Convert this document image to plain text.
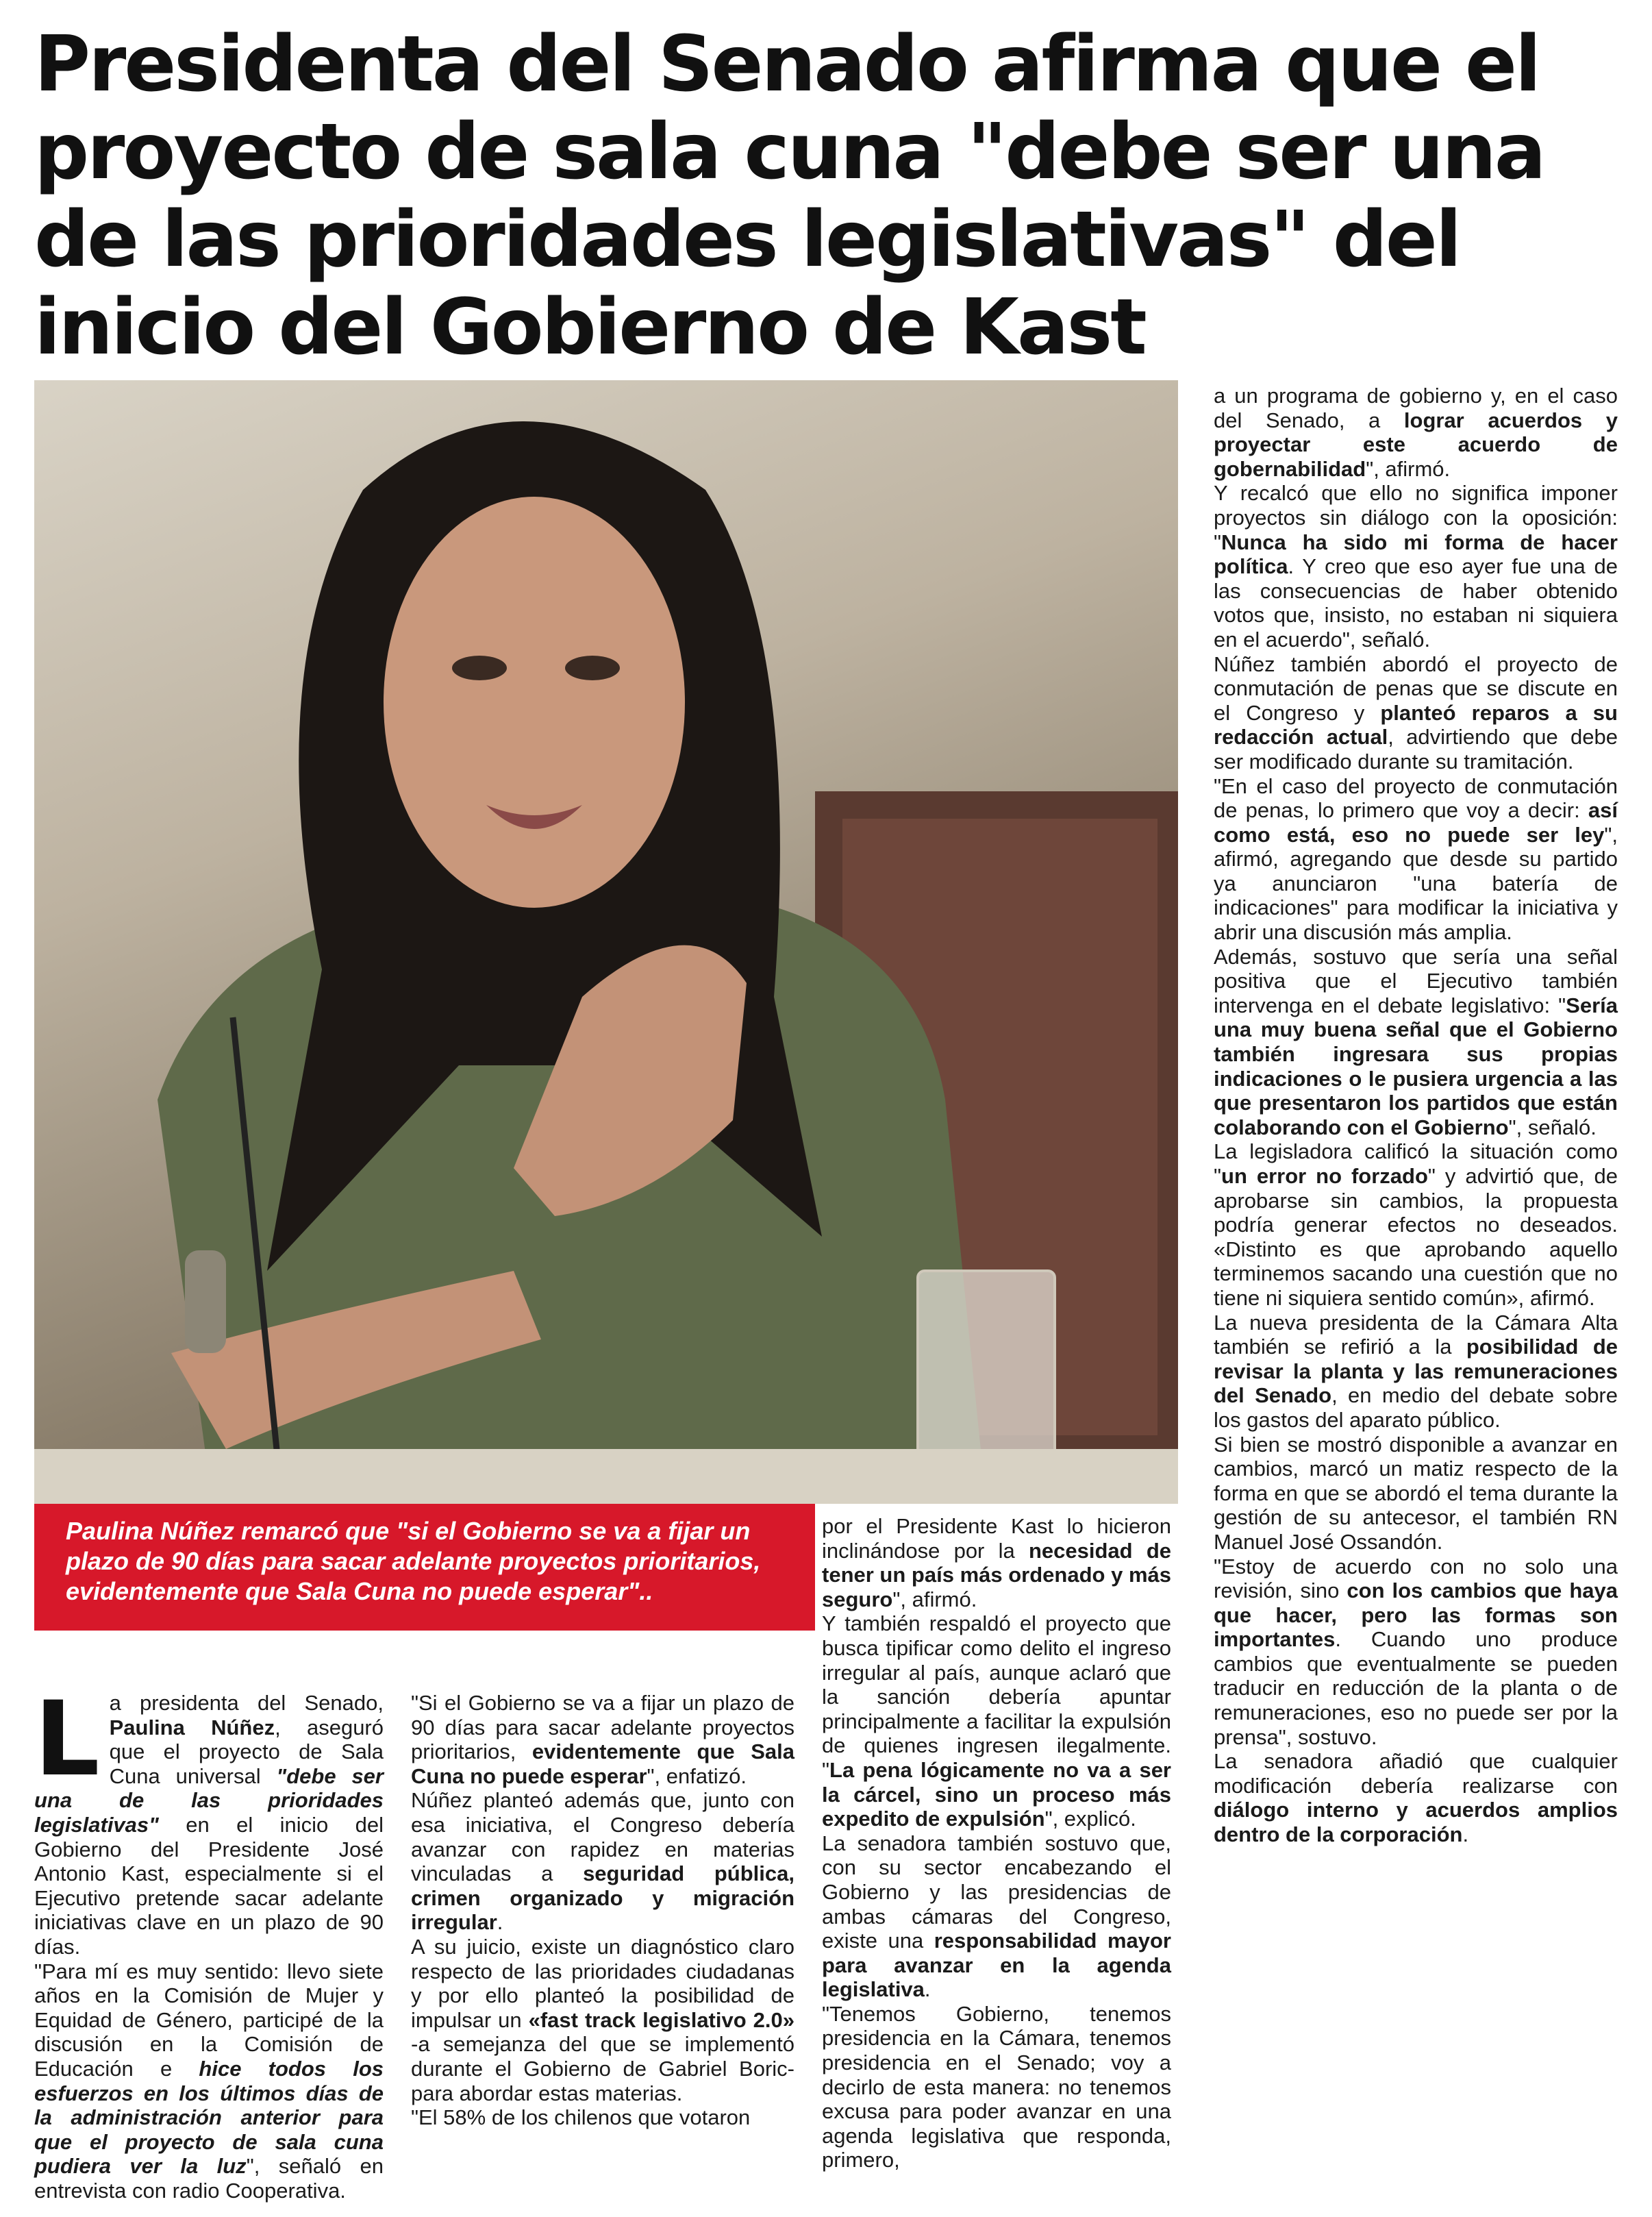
Presidenta del Senado afirma que el proyecto de sala cuna "debe ser una de las prioridades legislativas" del inicio del Gobierno de Kast
Paulina Núñez remarcó que "si el Gobierno se va a fijar un plazo de 90 días para sacar adelante proyectos prioritarios, evidentemente que Sala Cuna no puede esperar"..
L a presidenta del Senado, Paulina Núñez, aseguró que el proyecto de Sala Cuna universal "debe ser una de las prioridades legislativas" en el inicio del Gobierno del Presidente José Antonio Kast, especialmente si el Ejecutivo pretende sacar adelante iniciativas clave en un plazo de 90 días.

"Para mí es muy sentido: llevo siete años en la Comisión de Mujer y Equidad de Género, participé de la discusión en la Comisión de Educación e hice todos los esfuerzos en los últimos días de la administración anterior para que el proyecto de sala cuna pudiera ver la luz", señaló en entrevista con radio Cooperativa.

"Si el Gobierno se va a fijar un plazo de 90 días para sacar adelante proyectos prioritarios, evidentemente que Sala Cuna no puede esperar", enfatizó.

Núñez planteó además que, junto con esa iniciativa, el Congreso debería avanzar con rapidez en materias vinculadas a seguridad pública, crimen organizado y migración irregular.

A su juicio, existe un diagnóstico claro respecto de las prioridades ciudadanas y por ello planteó la posibilidad de impulsar un «fast track legislativo 2.0» -a semejanza del que se implementó durante el Gobierno de Gabriel Boric- para abordar estas materias.

"El 58% de los chilenos que votaron

por el Presidente Kast lo hicieron inclinándose por la necesidad de tener un país más ordenado y más seguro", afirmó.

Y también respaldó el proyecto que busca tipificar como delito el ingreso irregular al país, aunque aclaró que la sanción debería apuntar principalmente a facilitar la expulsión de quienes ingresen ilegalmente. "La pena lógicamente no va a ser la cárcel, sino un proceso más expedito de expulsión", explicó.

La senadora también sostuvo que, con su sector encabezando el Gobierno y las presidencias de ambas cámaras del Congreso, existe una responsabilidad mayor para avanzar en la agenda legislativa.

"Tenemos Gobierno, tenemos presidencia en la Cámara, tenemos presidencia en el Senado; voy a decirlo de esta manera: no tenemos excusa para poder avanzar en una agenda legislativa que responda, primero,

a un programa de gobierno y, en el caso del Senado, a lograr acuerdos y proyectar este acuerdo de gobernabilidad", afirmó.

Y recalcó que ello no significa imponer proyectos sin diálogo con la oposición: "Nunca ha sido mi forma de hacer política. Y creo que eso ayer fue una de las consecuencias de haber obtenido votos que, insisto, no estaban ni siquiera en el acuerdo", señaló.

Núñez también abordó el proyecto de conmutación de penas que se discute en el Congreso y planteó reparos a su redacción actual, advirtiendo que debe ser modificado durante su tramitación.

"En el caso del proyecto de conmutación de penas, lo primero que voy a decir: así como está, eso no puede ser ley", afirmó, agregando que desde su partido ya anunciaron "una batería de indicaciones" para modificar la iniciativa y abrir una discusión más amplia.

Además, sostuvo que sería una señal positiva que el Ejecutivo también intervenga en el debate legislativo: "Sería una muy buena señal que el Gobierno también ingresara sus propias indicaciones o le pusiera urgencia a las que presentaron los partidos que están colaborando con el Gobierno", señaló.

La legisladora calificó la situación como "un error no forzado" y advirtió que, de aprobarse sin cambios, la propuesta podría generar efectos no deseados. «Distinto es que aprobando aquello terminemos sacando una cuestión que no tiene ni siquiera sentido común», afirmó.

La nueva presidenta de la Cámara Alta también se refirió a la posibilidad de revisar la planta y las remuneraciones del Senado, en medio del debate sobre los gastos del aparato público.

Si bien se mostró disponible a avanzar en cambios, marcó un matiz respecto de la forma en que se abordó el tema durante la gestión de su antecesor, el también RN Manuel José Ossandón.

"Estoy de acuerdo con no solo una revisión, sino con los cambios que haya que hacer, pero las formas son importantes. Cuando uno produce cambios que eventualmente se pueden traducir en reducción de la planta o de remuneraciones, eso no puede ser por la prensa", sostuvo.

La senadora añadió que cualquier modificación debería realizarse con diálogo interno y acuerdos amplios dentro de la corporación.
